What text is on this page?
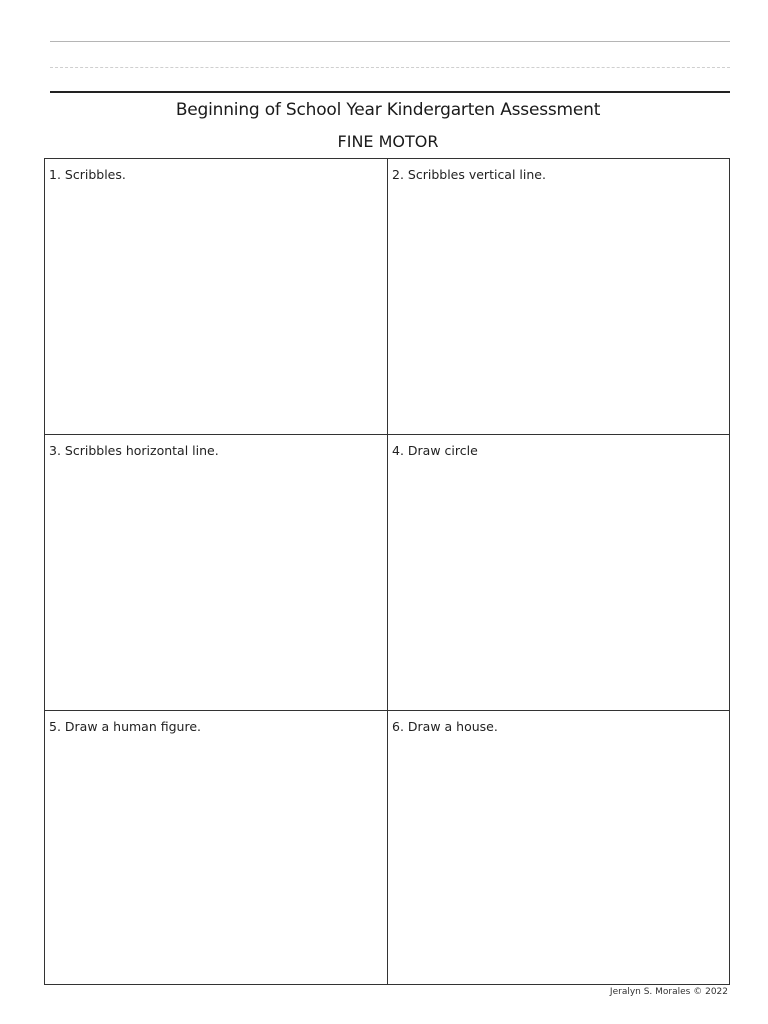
Beginning of School Year Kindergarten Assessment
FINE MOTOR
1. Scribbles.	2. Scribbles vertical line.
3. Scribbles horizontal line.	4. Draw circle
5. Draw a human figure.	6. Draw a house.
Jeralyn S. Morales © 2022
